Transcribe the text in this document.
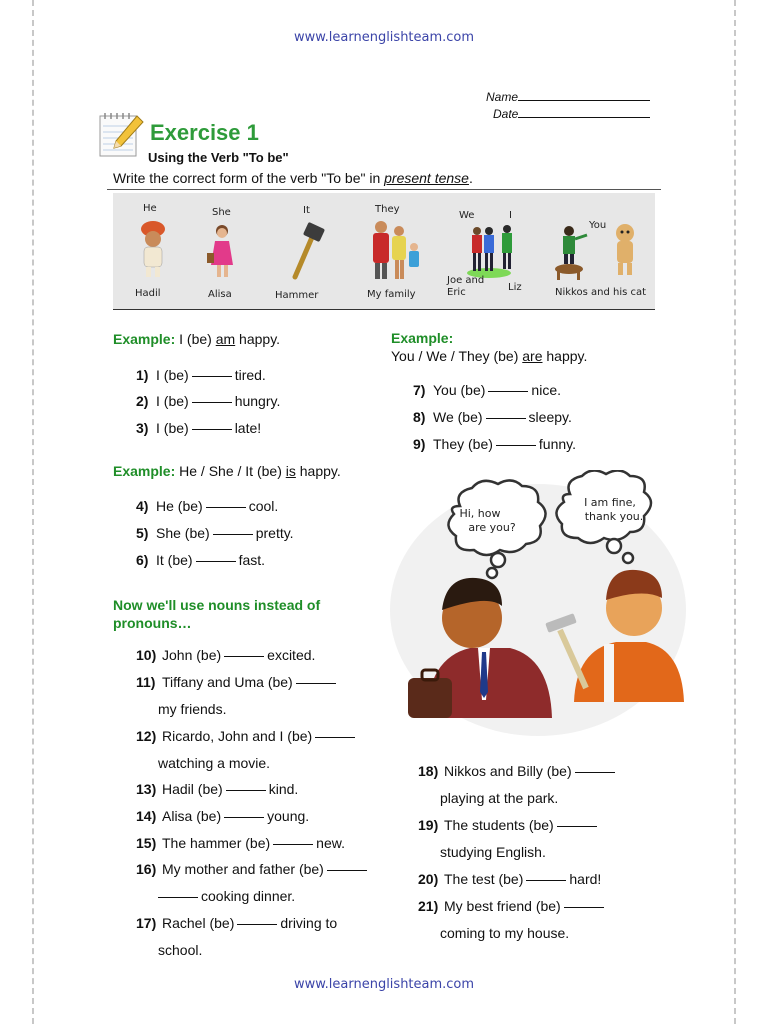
www.learnenglishteam.com
Name
Date
Exercise 1
Using the Verb "To be"
Write the correct form of the verb "To be" in present tense.
He
Hadil
She
Alisa
It
Hammer
They
My family
We	I
Joe and Eric	Liz
You
Nikkos and his cat
Example: I (be) am happy.	Example:
You / We / They (be) are happy.
1) I (be)	tired.
2) I (be)	hungry.
3) I (be)	late!
4) He (be)	cool.
5) She (be)	pretty.
6) It (be)	fast.
7) You (be)	nice.
8) We (be)	sleepy.
9) They (be)	funny.
10) John (be)	excited.
11) Tiffany and Uma (be)
my friends.
12) Ricardo, John and I (be)
watching a movie.
13) Hadil (be)	kind.
14) Alisa (be)	young.
15) The hammer (be)	new.
16) My mother and father (be)
cooking dinner.
17) Rachel (be)	driving to
school.
18) Nikkos and Billy (be)
playing at the park.
19) The students (be)
studying English.
20) The test (be)	hard!
21) My best friend (be)
coming to my house.
Example: He / She / It (be) is happy.
Now we'll use nouns instead of pronouns…
Hi, how
are you?
I am fine,
thank you.
www.learnenglishteam.com
